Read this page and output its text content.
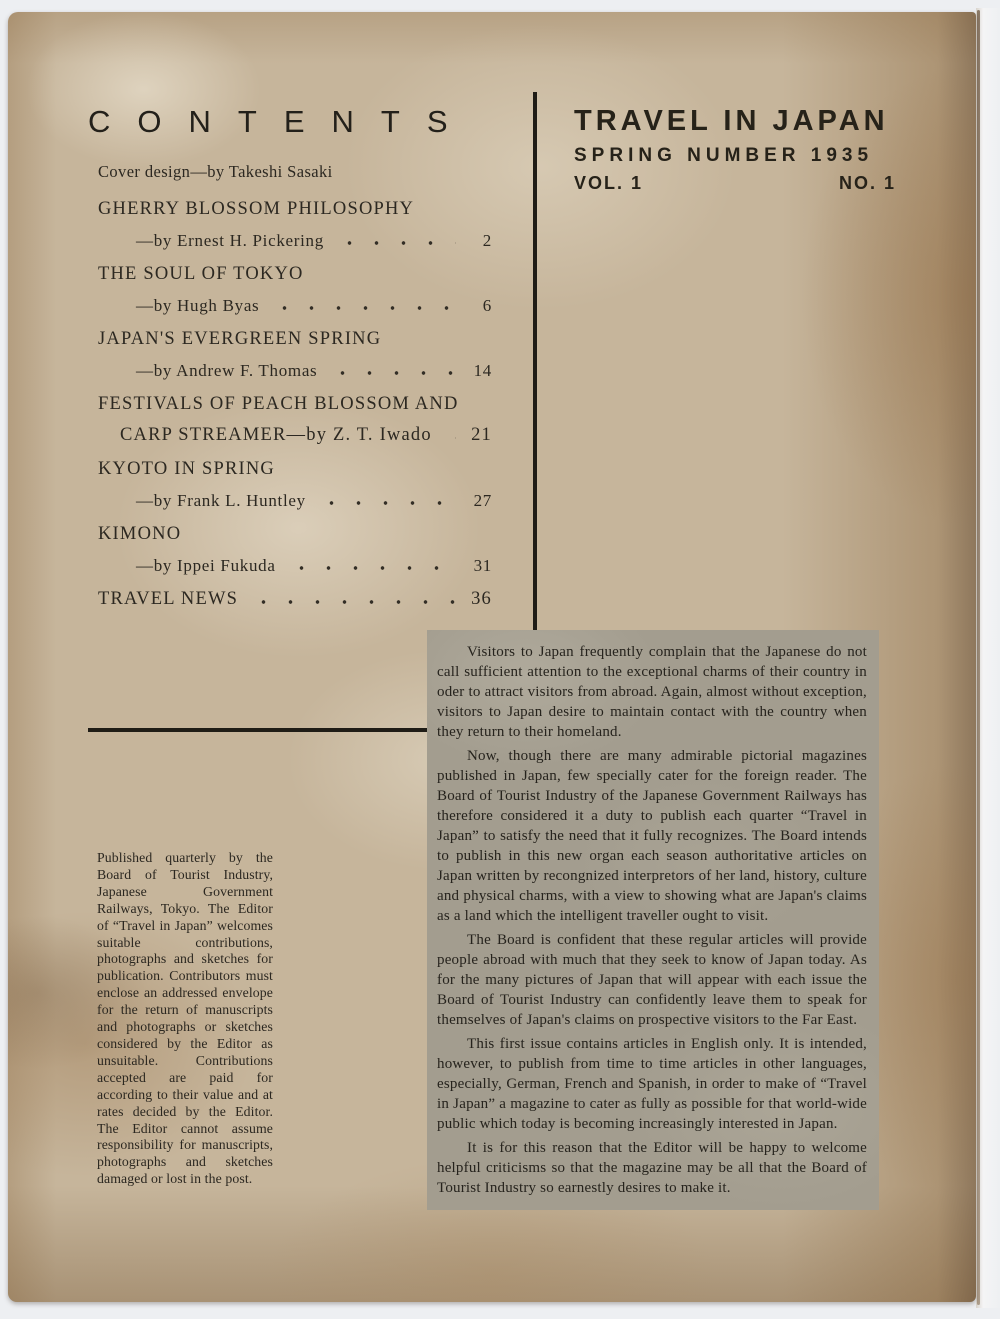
CONTENTS
Cover design—by Takeshi Sasaki
GHERRY BLOSSOM PHILOSOPHY
—by Ernest H. Pickering	2
THE SOUL OF TOKYO
—by Hugh Byas	6
JAPAN'S EVERGREEN SPRING
—by Andrew F. Thomas	14
FESTIVALS OF PEACH BLOSSOM AND
CARP STREAMER—by Z. T. Iwado	21
KYOTO IN SPRING
—by Frank L. Huntley	27
KIMONO
—by Ippei Fukuda	31
TRAVEL NEWS	36
TRAVEL IN JAPAN
SPRING NUMBER 1935
VOL. 1	NO. 1

Visitors to Japan frequently complain that the Japanese do not call sufficient attention to the exceptional charms of their country in oder to attract visitors from abroad. Again, almost without exception, visitors to Japan desire to maintain contact with the country when they return to their homeland.

Now, though there are many admirable pictorial magazines published in Japan, few specially cater for the foreign reader. The Board of Tourist Industry of the Japanese Government Railways has therefore considered it a duty to publish each quarter “Travel in Japan” to satisfy the need that it fully recognizes. The Board intends to publish in this new organ each season authoritative articles on Japan written by recongnized interpretors of her land, history, culture and physical charms, with a view to showing what are Japan's claims as a land which the intelligent traveller ought to visit.

The Board is confident that these regular articles will provide people abroad with much that they seek to know of Japan today. As for the many pictures of Japan that will appear with each issue the Board of Tourist Industry can confidently leave them to speak for themselves of Japan's claims on prospective visitors to the Far East.

This first issue contains articles in English only. It is intended, however, to publish from time to time articles in other languages, especially, German, French and Spanish, in order to make of “Travel in Japan” a magazine to cater as fully as possible for that world-wide public which today is becoming increasingly interested in Japan.

It is for this reason that the Editor will be happy to welcome helpful criticisms so that the magazine may be all that the Board of Tourist Industry so earnestly desires to make it.

Published quarterly by the Board of Tourist Industry, Japanese Government Railways, Tokyo. The Editor of “Travel in Japan” welcomes suitable contributions, photographs and sketches for publication. Contributors must enclose an addressed envelope for the return of manuscripts and photographs or sketches considered by the Editor as unsuitable. Contributions accepted are paid for according to their value and at rates decided by the Editor. The Editor cannot assume responsibility for manuscripts, photographs and sketches damaged or lost in the post.
